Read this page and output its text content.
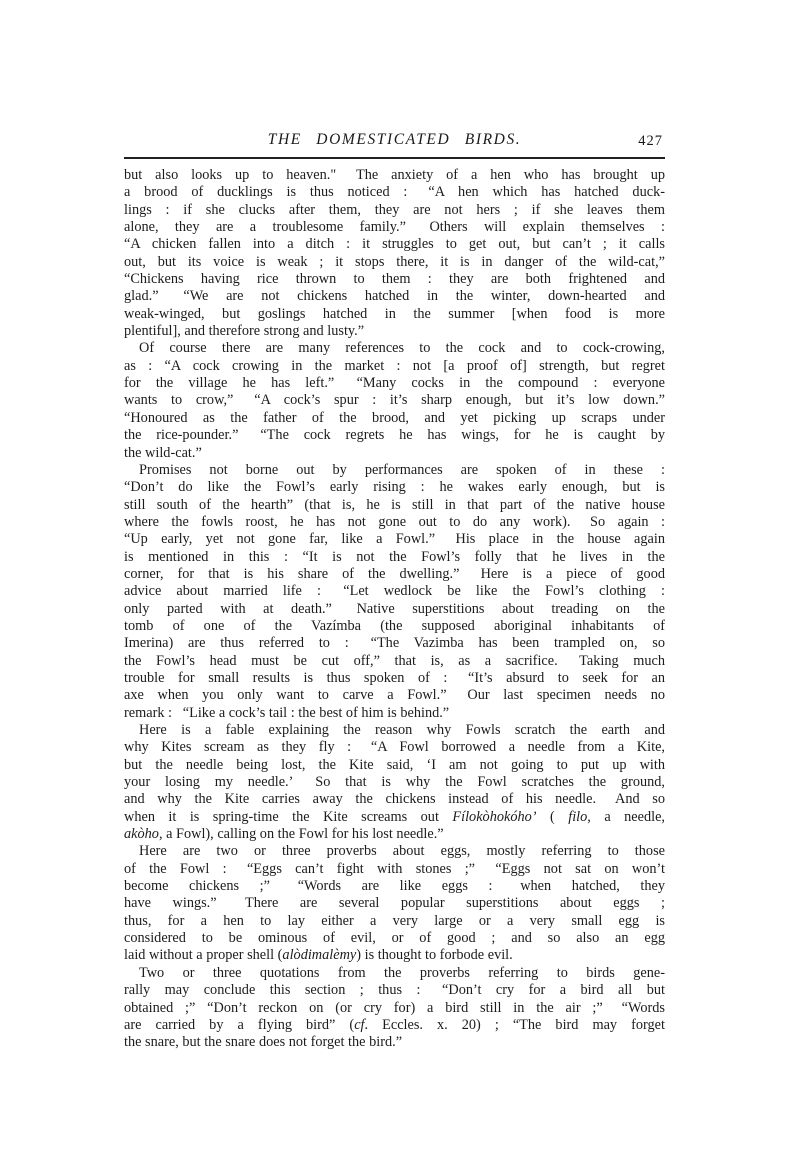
THE DOMESTICATED BIRDS.	427

but also looks up to heaven."  The anxiety of a hen who has brought up
a brood of ducklings is thus noticed :  “A hen which has hatched duck-
lings : if she clucks after them, they are not hers ; if she leaves them
alone, they are a troublesome family.”  Others will explain themselves :
“A chicken fallen into a ditch : it struggles to get out, but can’t ; it calls
out, but its voice is weak ; it stops there, it is in danger of the wild-cat,”
“Chickens having rice thrown to them : they are both frightened and
glad.”  “We are not chickens hatched in the winter, down-hearted and
weak-winged, but goslings hatched in the summer [when food is more
plentiful], and therefore strong and lusty.”

Of course there are many references to the cock and to cock-crowing,
as : “A cock crowing in the market : not [a proof of] strength, but regret
for the village he has left.”  “Many cocks in the compound : everyone
wants to crow,”  “A cock’s spur : it’s sharp enough, but it’s low down.”
“Honoured as the father of the brood, and yet picking up scraps under
the rice-pounder.”  “The cock regrets he has wings, for he is caught by
the wild-cat.”

Promises not borne out by performances are spoken of in these :
“Don’t do like the Fowl’s early rising : he wakes early enough, but is
still south of the hearth” (that is, he is still in that part of the native house
where the fowls roost, he has not gone out to do any work).  So again :
“Up early, yet not gone far, like a Fowl.”  His place in the house again
is mentioned in this : “It is not the Fowl’s folly that he lives in the
corner, for that is his share of the dwelling.”  Here is a piece of good
advice about married life :  “Let wedlock be like the Fowl’s clothing :
only parted with at death.”  Native superstitions about treading on the
tomb of one of the Vazímba (the supposed aboriginal inhabitants of
Imerina) are thus referred to :  “The Vazimba has been trampled on, so
the Fowl’s head must be cut off,” that is, as a sacrifice.  Taking much
trouble for small results is thus spoken of :  “It’s absurd to seek for an
axe when you only want to carve a Fowl.”  Our last specimen needs no
remark :  “Like a cock’s tail : the best of him is behind.”

Here is a fable explaining the reason why Fowls scratch the earth and
why Kites scream as they fly :  “A Fowl borrowed a needle from a Kite,
but the needle being lost, the Kite said, ‘I am not going to put up with
your losing my needle.’  So that is why the Fowl scratches the ground,
and why the Kite carries away the chickens instead of his needle.  And so
when it is spring-time the Kite screams out Fílokòhokóho’ ( filo, a needle,
akòho, a Fowl), calling on the Fowl for his lost needle.”

Here are two or three proverbs about eggs, mostly referring to those
of the Fowl :  “Eggs can’t fight with stones ;”  “Eggs not sat on won’t
become chickens ;”  “Words are like eggs :  when hatched, they
have wings.”  There are several popular superstitions about eggs ;
thus, for a hen to lay either a very large or a very small egg is
considered to be ominous of evil, or of good ; and so also an egg
laid without a proper shell (alòdimalèmy) is thought to forbode evil.

Two or three quotations from the proverbs referring to birds gene-
rally may conclude this section ; thus :  “Don’t cry for a bird all but
obtained ;” “Don’t reckon on (or cry for) a bird still in the air ;”  “Words
are carried by a flying bird” (cf. Eccles. x. 20) ; “The bird may forget
the snare, but the snare does not forget the bird.”
